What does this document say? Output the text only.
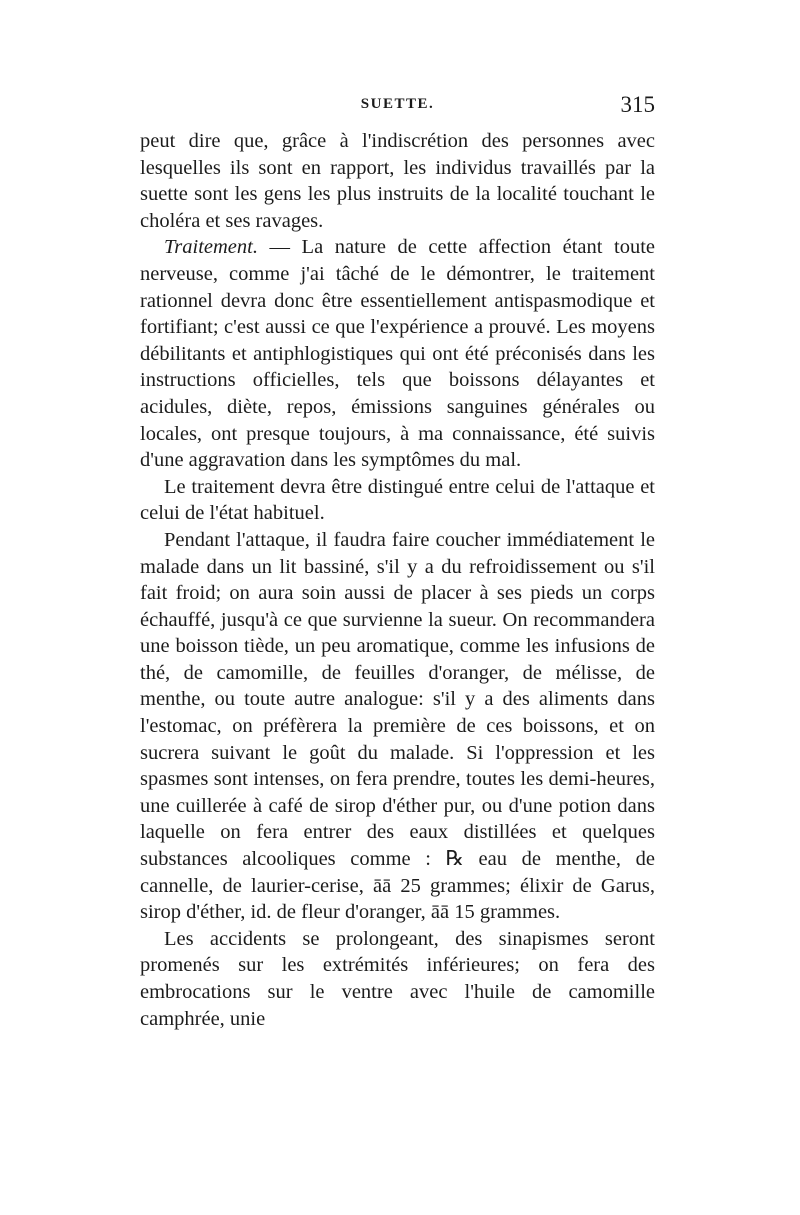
SUETTE.	315

peut dire que, grâce à l'indiscrétion des personnes avec lesquelles ils sont en rapport, les individus travaillés par la suette sont les gens les plus instruits de la localité touchant le choléra et ses ravages.

Traitement. — La nature de cette affection étant toute nerveuse, comme j'ai tâché de le démontrer, le traitement rationnel devra donc être essentiellement antispasmodique et fortifiant; c'est aussi ce que l'expérience a prouvé. Les moyens débilitants et antiphlogistiques qui ont été préconisés dans les instructions officielles, tels que boissons délayantes et acidules, diète, repos, émissions sanguines générales ou locales, ont presque toujours, à ma connaissance, été suivis d'une aggravation dans les symptômes du mal.

Le traitement devra être distingué entre celui de l'attaque et celui de l'état habituel.

Pendant l'attaque, il faudra faire coucher immédiatement le malade dans un lit bassiné, s'il y a du refroidissement ou s'il fait froid; on aura soin aussi de placer à ses pieds un corps échauffé, jusqu'à ce que survienne la sueur. On recommandera une boisson tiède, un peu aromatique, comme les infusions de thé, de camomille, de feuilles d'oranger, de mélisse, de menthe, ou toute autre analogue: s'il y a des aliments dans l'estomac, on préfèrera la première de ces boissons, et on sucrera suivant le goût du malade. Si l'oppression et les spasmes sont intenses, on fera prendre, toutes les demi-heures, une cuillerée à café de sirop d'éther pur, ou d'une potion dans laquelle on fera entrer des eaux distillées et quelques substances alcooliques comme : ℞ eau de menthe, de cannelle, de laurier-cerise, āā 25 grammes; élixir de Garus, sirop d'éther, id. de fleur d'oranger, āā 15 grammes.

Les accidents se prolongeant, des sinapismes seront promenés sur les extrémités inférieures; on fera des embrocations sur le ventre avec l'huile de camomille camphrée, unie
